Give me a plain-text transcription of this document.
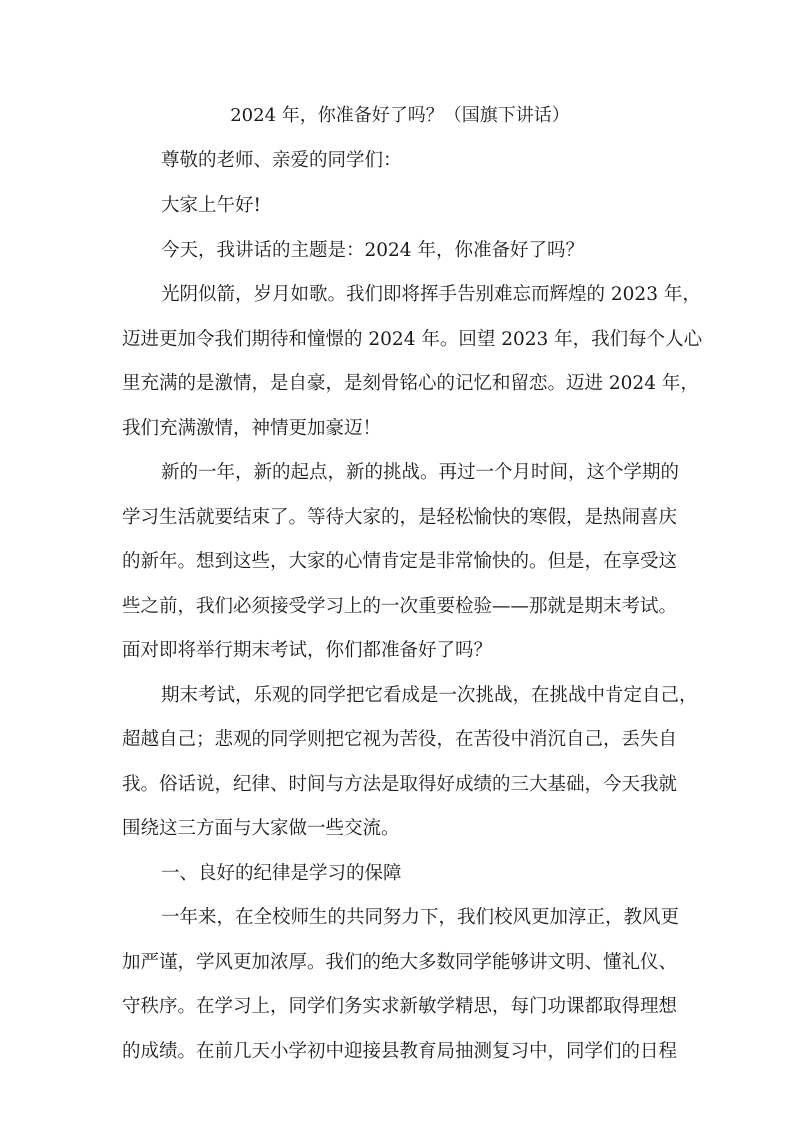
2024 年，你准备好了吗？（国旗下讲话）
尊敬的老师、亲爱的同学们：
大家上午好!
今天，我讲话的主题是：2024 年，你准备好了吗？
光阴似箭，岁月如歌。我们即将挥手告别难忘而辉煌的 2023 年，
迈进更加令我们期待和憧憬的 2024 年。回望 2023 年，我们每个人心
里充满的是激情，是自豪，是刻骨铭心的记忆和留恋。迈进 2024 年，
我们充满激情，神情更加豪迈！
新的一年，新的起点，新的挑战。再过一个月时间，这个学期的
学习生活就要结束了。等待大家的，是轻松愉快的寒假，是热闹喜庆
的新年。想到这些，大家的心情肯定是非常愉快的。但是，在享受这
些之前，我们必须接受学习上的一次重要检验——那就是期末考试。
面对即将举行期末考试，你们都准备好了吗？
期末考试，乐观的同学把它看成是一次挑战，在挑战中肯定自己，
超越自己；悲观的同学则把它视为苦役，在苦役中消沉自己，丢失自
我。俗话说，纪律、时间与方法是取得好成绩的三大基础，今天我就
围绕这三方面与大家做一些交流。
一、良好的纪律是学习的保障
一年来，在全校师生的共同努力下，我们校风更加淳正，教风更
加严谨，学风更加浓厚。我们的绝大多数同学能够讲文明、懂礼仪、
守秩序。在学习上，同学们务实求新敏学精思，每门功课都取得理想
的成绩。在前几天小学初中迎接县教育局抽测复习中，同学们的日程
